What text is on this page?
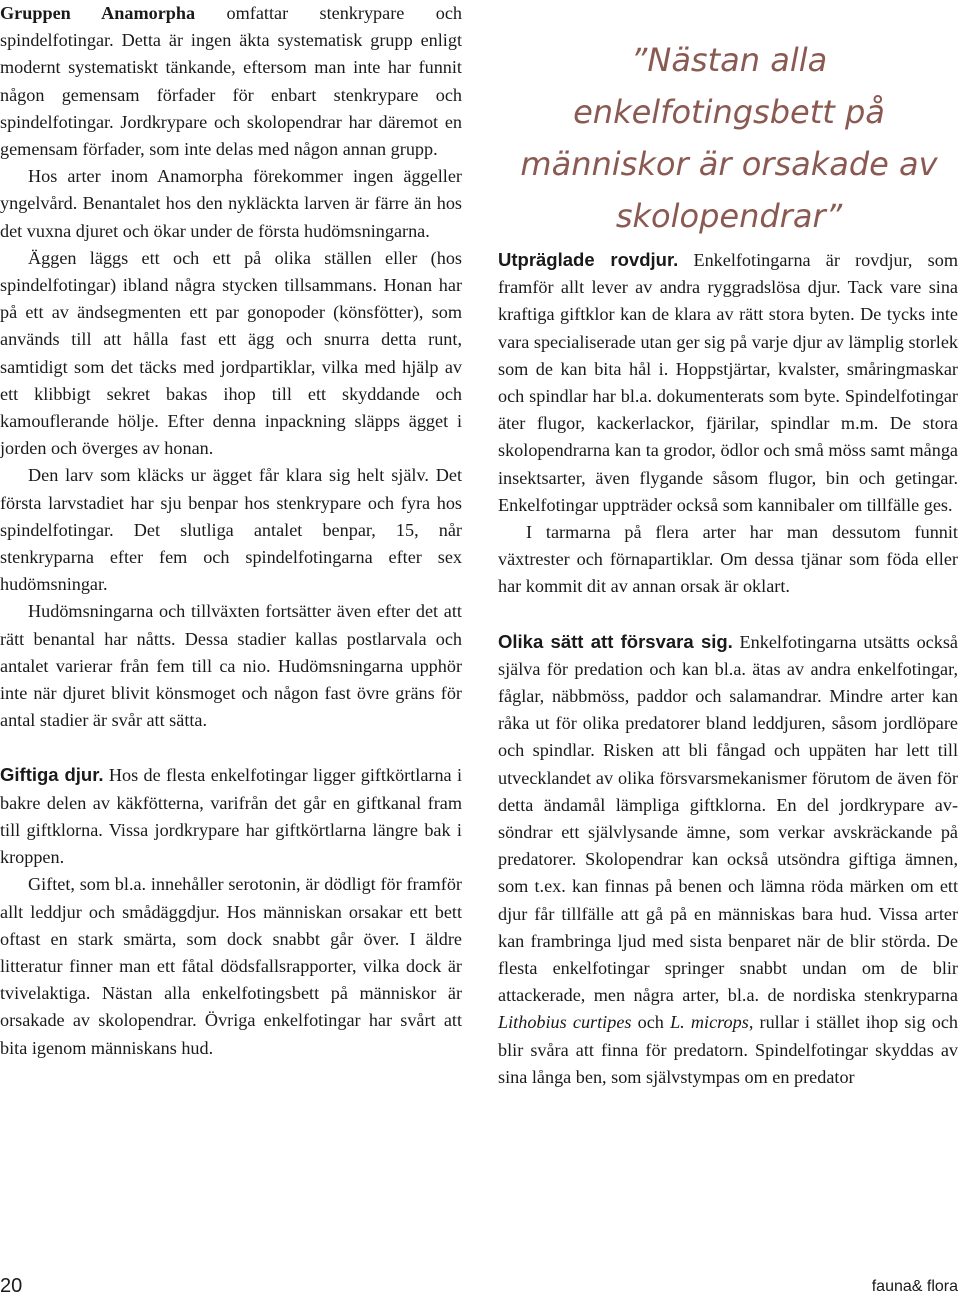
Gruppen Anamorpha omfattar stenkrypare och spindelfotingar. Detta är ingen äkta systematisk grupp enligt modernt systematiskt tänkande, eftersom man inte har funnit någon gemensam förfader för enbart stenkrypare och spindelfotingar. Jordkrypare och skolopendrar har däremot en gemensam förfader, som inte delas med någon annan grupp.

Hos arter inom Anamorpha förekommer ingen äggeller yngelvård. Benantalet hos den nykläckta larven är färre än hos det vuxna djuret och ökar under de första hudömsningarna.

Äggen läggs ett och ett på olika ställen eller (hos spindelfotingar) ibland några stycken tillsammans. Honan har på ett av ändsegmenten ett par gonopoder (könsfötter), som används till att hålla fast ett ägg och snurra detta runt, samtidigt som det täcks med jordpartiklar, vilka med hjälp av ett klibbigt sekret bakas ihop till ett skyddande och kamouflerande hölje. Efter denna inpackning släpps ägget i jorden och överges av honan.

Den larv som kläcks ur ägget får klara sig helt själv. Det första larvstadiet har sju benpar hos stenkrypare och fyra hos spindelfotingar. Det slutliga antalet benpar, 15, når stenkryparna efter fem och spindelfotingarna efter sex hudömsningar.

Hudömsningarna och tillväxten fortsätter även efter det att rätt benantal har nåtts. Dessa stadier kallas postlarvala och antalet varierar från fem till ca nio. Hudömsningarna upphör inte när djuret blivit könsmoget och någon fast övre gräns för antal stadier är svår att sätta.

Giftiga djur. Hos de flesta enkelfotingar ligger giftkörtlarna i bakre delen av käkfötterna, varifrån det går en giftkanal fram till giftklorna. Vissa jordkrypare har giftkörtlarna längre bak i kroppen.

Giftet, som bl.a. innehåller serotonin, är dödligt för framför allt leddjur och smådäggdjur. Hos människan orsakar ett bett oftast en stark smärta, som dock snabbt går över. I äldre litteratur finner man ett fåtal dödsfallsrapporter, vilka dock är tvivelaktiga. Nästan alla enkelfotingsbett på människor är orsakade av skolopendrar. Övriga enkelfotingar har svårt att bita igenom människans hud.

”Nästan alla enkelfotingsbett på människor är orsakade av skolopendrar”

Utpräglade rovdjur. Enkelfotingarna är rovdjur, som framför allt lever av andra ryggradslösa djur. Tack vare sina kraftiga giftklor kan de klara av rätt stora byten. De tycks inte vara specialiserade utan ger sig på varje djur av lämplig storlek som de kan bita hål i. Hoppstjärtar, kvalster, småringmaskar och spindlar har bl.a. dokumenterats som byte. Spindelfotingar äter flugor, kackerlackor, fjärilar, spindlar m.m. De stora skolopendrarna kan ta grodor, ödlor och små möss samt många insektsarter, även flygande såsom flugor, bin och getingar. Enkelfotingar uppträder också som kannibaler om tillfälle ges.

I tarmarna på flera arter har man dessutom funnit växtrester och förnapartiklar. Om dessa tjänar som föda eller har kommit dit av annan orsak är oklart.

Olika sätt att försvara sig. Enkelfotingarna utsätts också själva för predation och kan bl.a. ätas av andra enkelfotingar, fåglar, näbbmöss, paddor och salamandrar. Mindre arter kan råka ut för olika predatorer bland leddjuren, såsom jordlöpare och spindlar. Risken att bli fångad och uppäten har lett till utvecklandet av olika försvarsmekanismer förutom de även för detta ändamål lämpliga giftklorna. En del jordkrypare avsöndrar ett självlysande ämne, som verkar avskräckande på predatorer. Skolopendrar kan också utsöndra giftiga ämnen, som t.ex. kan finnas på benen och lämna röda märken om ett djur får tillfälle att gå på en människas bara hud. Vissa arter kan frambringa ljud med sista benparet när de blir störda. De flesta enkelfotingar springer snabbt undan om de blir attackerade, men några arter, bl.a. de nordiska stenkryparna Lithobius curtipes och L. microps, rullar i stället ihop sig och blir svåra att finna för predatorn. Spindelfotingar skyddas av sina långa ben, som självstympas om en predator

20	fauna& flora
